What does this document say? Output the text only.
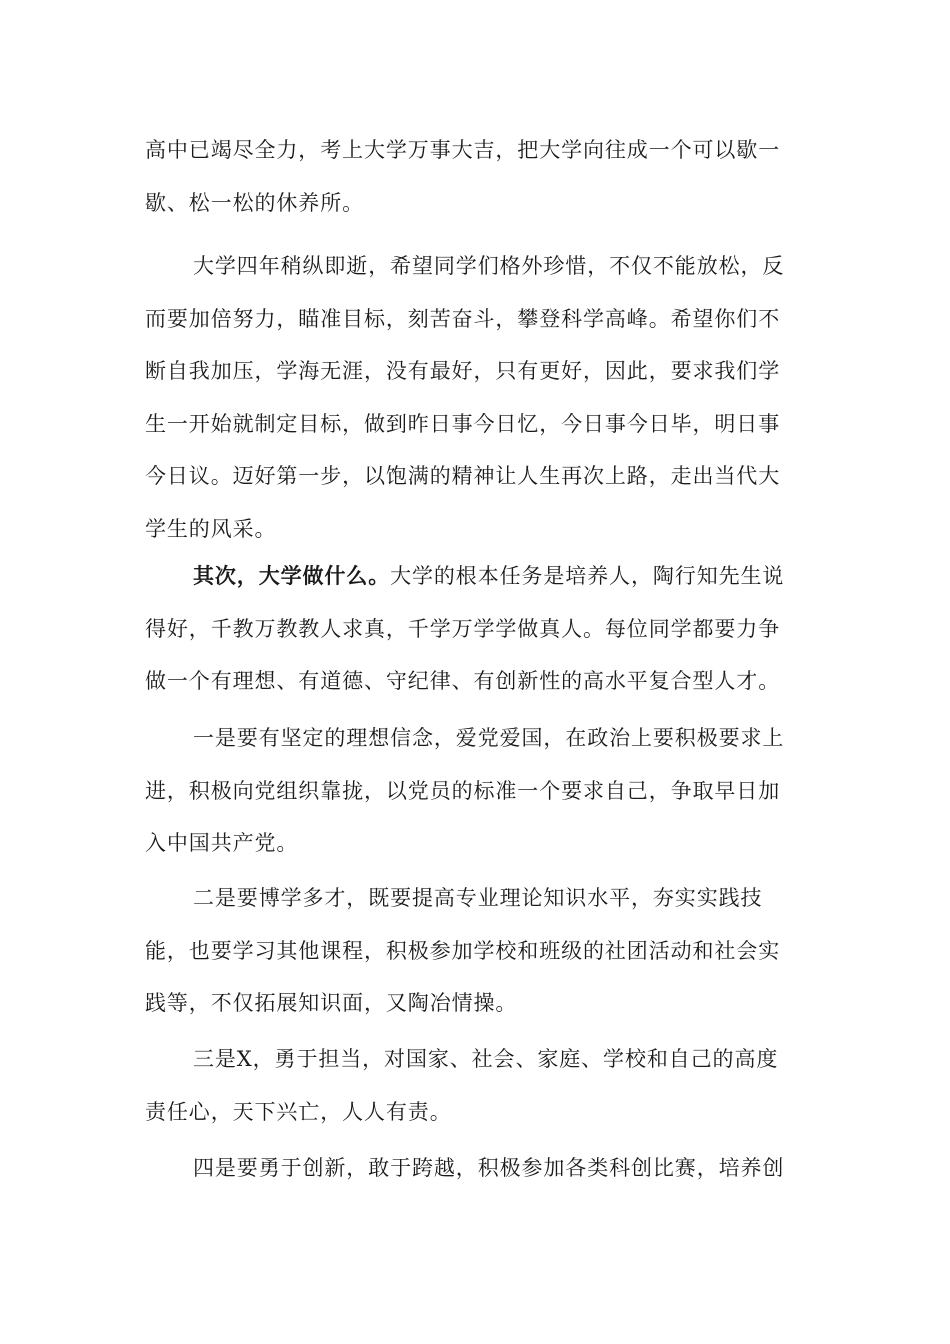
高中已竭尽全力，考上大学万事大吉，把大学向往成一个可以歇一
歇、松一松的休养所。
大学四年稍纵即逝，希望同学们格外珍惜，不仅不能放松，反
而要加倍努力，瞄准目标，刻苦奋斗，攀登科学高峰。希望你们不
断自我加压，学海无涯，没有最好，只有更好，因此，要求我们学
生一开始就制定目标，做到昨日事今日忆，今日事今日毕，明日事
今日议。迈好第一步，以饱满的精神让人生再次上路，走出当代大
学生的风采。
其次，大学做什么。大学的根本任务是培养人，陶行知先生说
得好，千教万教教人求真，千学万学学做真人。每位同学都要力争
做一个有理想、有道德、守纪律、有创新性的高水平复合型人才。
一是要有坚定的理想信念，爱党爱国，在政治上要积极要求上
进，积极向党组织靠拢，以党员的标准一个要求自己，争取早日加
入中国共产党。
二是要博学多才，既要提高专业理论知识水平，夯实实践技
能，也要学习其他课程，积极参加学校和班级的社团活动和社会实
践等，不仅拓展知识面，又陶冶情操。
三是X，勇于担当，对国家、社会、家庭、学校和自己的高度
责任心，天下兴亡，人人有责。
四是要勇于创新，敢于跨越，积极参加各类科创比赛，培养创
